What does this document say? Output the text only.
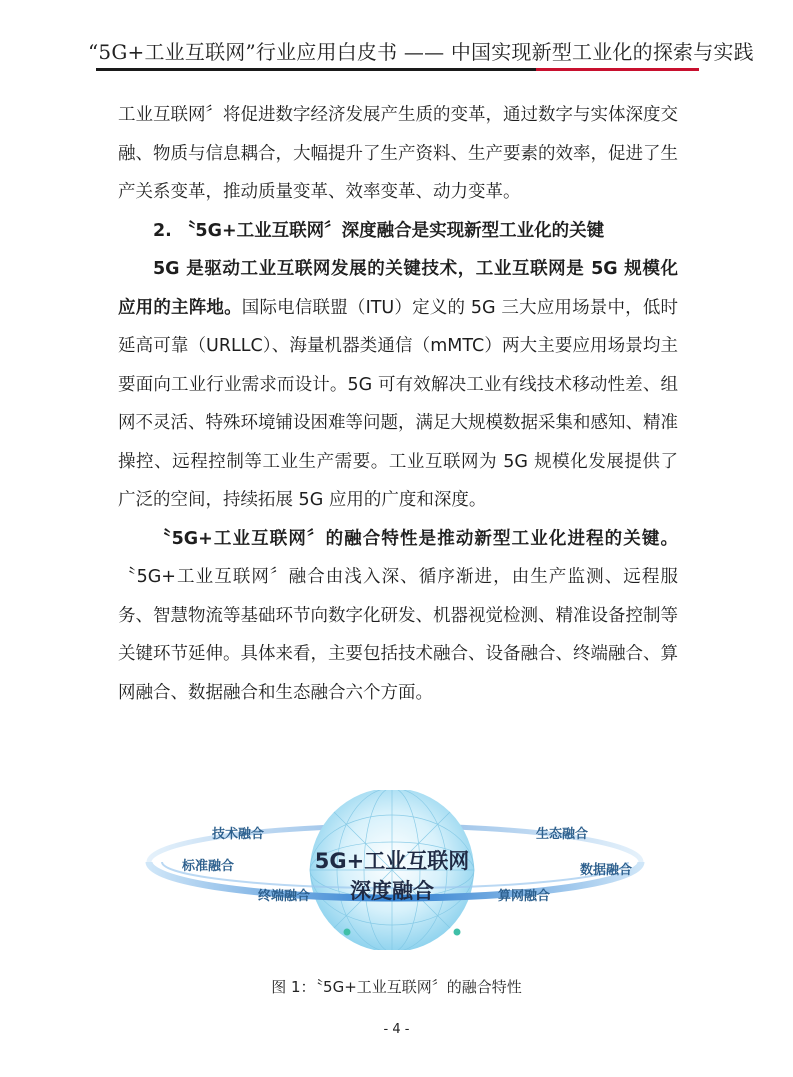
“5G+工业互联网”行业应用白皮书 —— 中国实现新型工业化的探索与实践

工业互联网〞将促进数字经济发展产生质的变革，通过数字与实体深度交融、物质与信息耦合，大幅提升了生产资料、生产要素的效率，促进了生产关系变革，推动质量变革、效率变革、动力变革。

2. 〝5G+工业互联网〞深度融合是实现新型工业化的关键

5G 是驱动工业互联网发展的关键技术，工业互联网是 5G 规模化应用的主阵地。国际电信联盟（ITU）定义的 5G 三大应用场景中，低时延高可靠（URLLC）、海量机器类通信（mMTC）两大主要应用场景均主要面向工业行业需求而设计。5G 可有效解决工业有线技术移动性差、组网不灵活、特殊环境铺设困难等问题，满足大规模数据采集和感知、精准操控、远程控制等工业生产需要。工业互联网为 5G 规模化发展提供了广泛的空间，持续拓展 5G 应用的广度和深度。

〝5G+工业互联网〞的融合特性是推动新型工业化进程的关键。〝5G+工业互联网〞融合由浅入深、循序渐进，由生产监测、远程服务、智慧物流等基础环节向数字化研发、机器视觉检测、精准设备控制等关键环节延伸。具体来看，主要包括技术融合、设备融合、终端融合、算网融合、数据融合和生态融合六个方面。

5G+工业互联网
深度融合
技术融合
标准融合
终端融合
生态融合
数据融合
算网融合
图 1：〝5G+工业互联网〞的融合特性
- 4 -
